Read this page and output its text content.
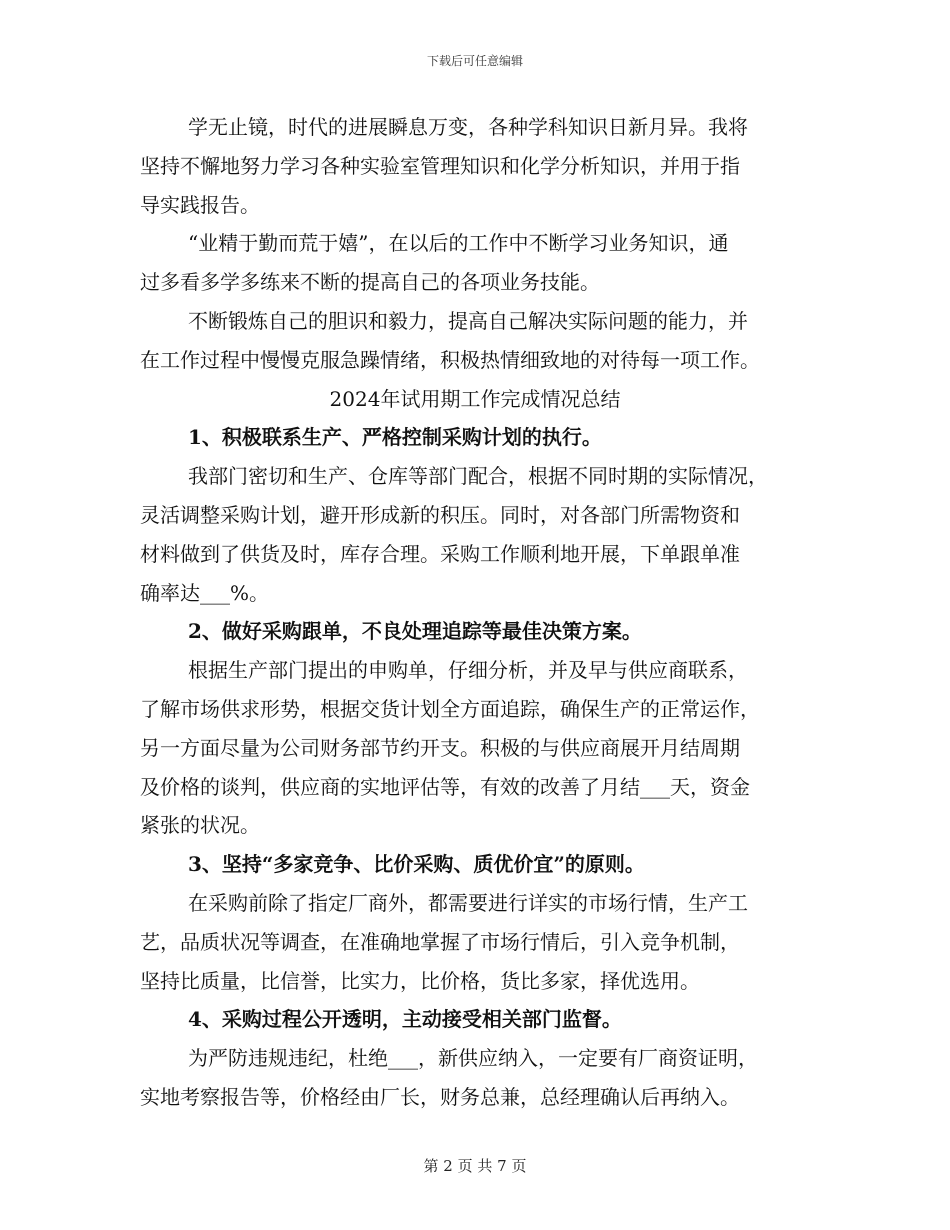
下载后可任意编辑
学无止镜，时代的进展瞬息万变，各种学科知识日新月异。我将
坚持不懈地努力学习各种实验室管理知识和化学分析知识，并用于指
导实践报告。
“业精于勤而荒于嬉”，在以后的工作中不断学习业务知识，通
过多看多学多练来不断的提高自己的各项业务技能。
不断锻炼自己的胆识和毅力，提高自己解决实际问题的能力，并
在工作过程中慢慢克服急躁情绪，积极热情细致地的对待每一项工作。
2024年试用期工作完成情况总结
1、积极联系生产、严格控制采购计划的执行。
我部门密切和生产、仓库等部门配合，根据不同时期的实际情况，
灵活调整采购计划，避开形成新的积压。同时，对各部门所需物资和
材料做到了供货及时，库存合理。采购工作顺利地开展，下单跟单准
确率达___%。
2、做好采购跟单，不良处理追踪等最佳决策方案。
根据生产部门提出的申购单，仔细分析，并及早与供应商联系，
了解市场供求形势，根据交货计划全方面追踪，确保生产的正常运作，
另一方面尽量为公司财务部节约开支。积极的与供应商展开月结周期
及价格的谈判，供应商的实地评估等，有效的改善了月结___天，资金
紧张的状况。
3、坚持“多家竞争、比价采购、质优价宜”的原则。
在采购前除了指定厂商外，都需要进行详实的市场行情，生产工
艺，品质状况等调查，在准确地掌握了市场行情后，引入竞争机制，
坚持比质量，比信誉，比实力，比价格，货比多家，择优选用。
4、采购过程公开透明，主动接受相关部门监督。
为严防违规违纪，杜绝___，新供应纳入，一定要有厂商资证明，
实地考察报告等，价格经由厂长，财务总兼，总经理确认后再纳入。
第 2 页 共 7 页
